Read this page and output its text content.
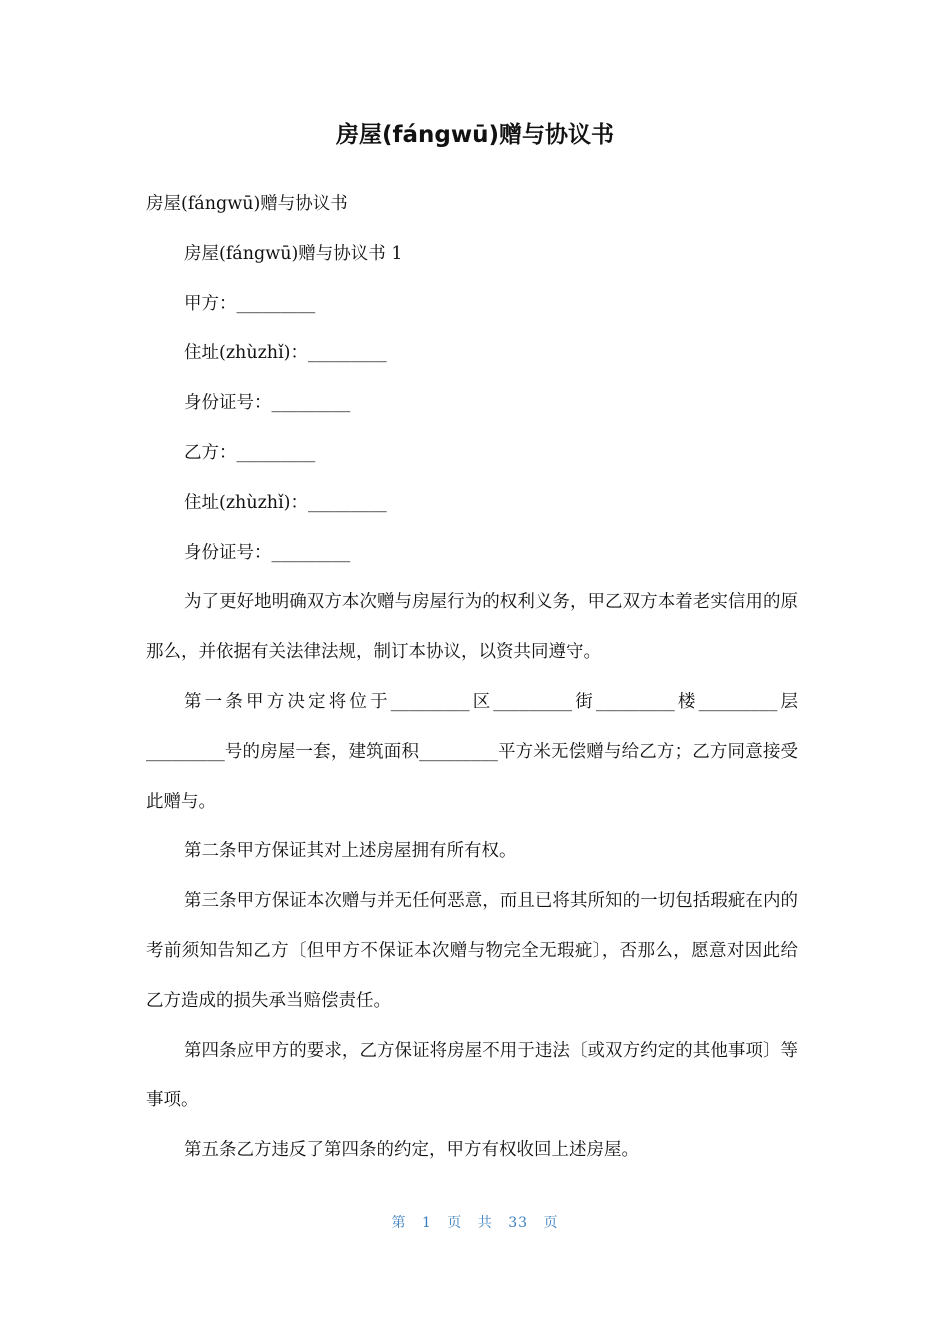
房屋(fángwū)赠与协议书

房屋(fángwū)赠与协议书

房屋(fángwū)赠与协议书 1

甲方：_________

住址(zhùzhǐ)：_________

身份证号：_________

乙方：_________

住址(zhùzhǐ)：_________

身份证号：_________

为了更好地明确双方本次赠与房屋行为的权利义务，甲乙双方本着老实信用的原那么，并依据有关法律法规，制订本协议，以资共同遵守。

第一条甲方决定将位于_________区_________街_________楼_________层_________号的房屋一套，建筑面积_________平方米无偿赠与给乙方；乙方同意接受此赠与。

第二条甲方保证其对上述房屋拥有所有权。

第三条甲方保证本次赠与并无任何恶意，而且已将其所知的一切包括瑕疵在内的考前须知告知乙方〔但甲方不保证本次赠与物完全无瑕疵〕，否那么，愿意对因此给乙方造成的损失承当赔偿责任。

第四条应甲方的要求，乙方保证将房屋不用于违法〔或双方约定的其他事项〕等事项。

第五条乙方违反了第四条的约定，甲方有权收回上述房屋。

第 1 页 共 33 页
